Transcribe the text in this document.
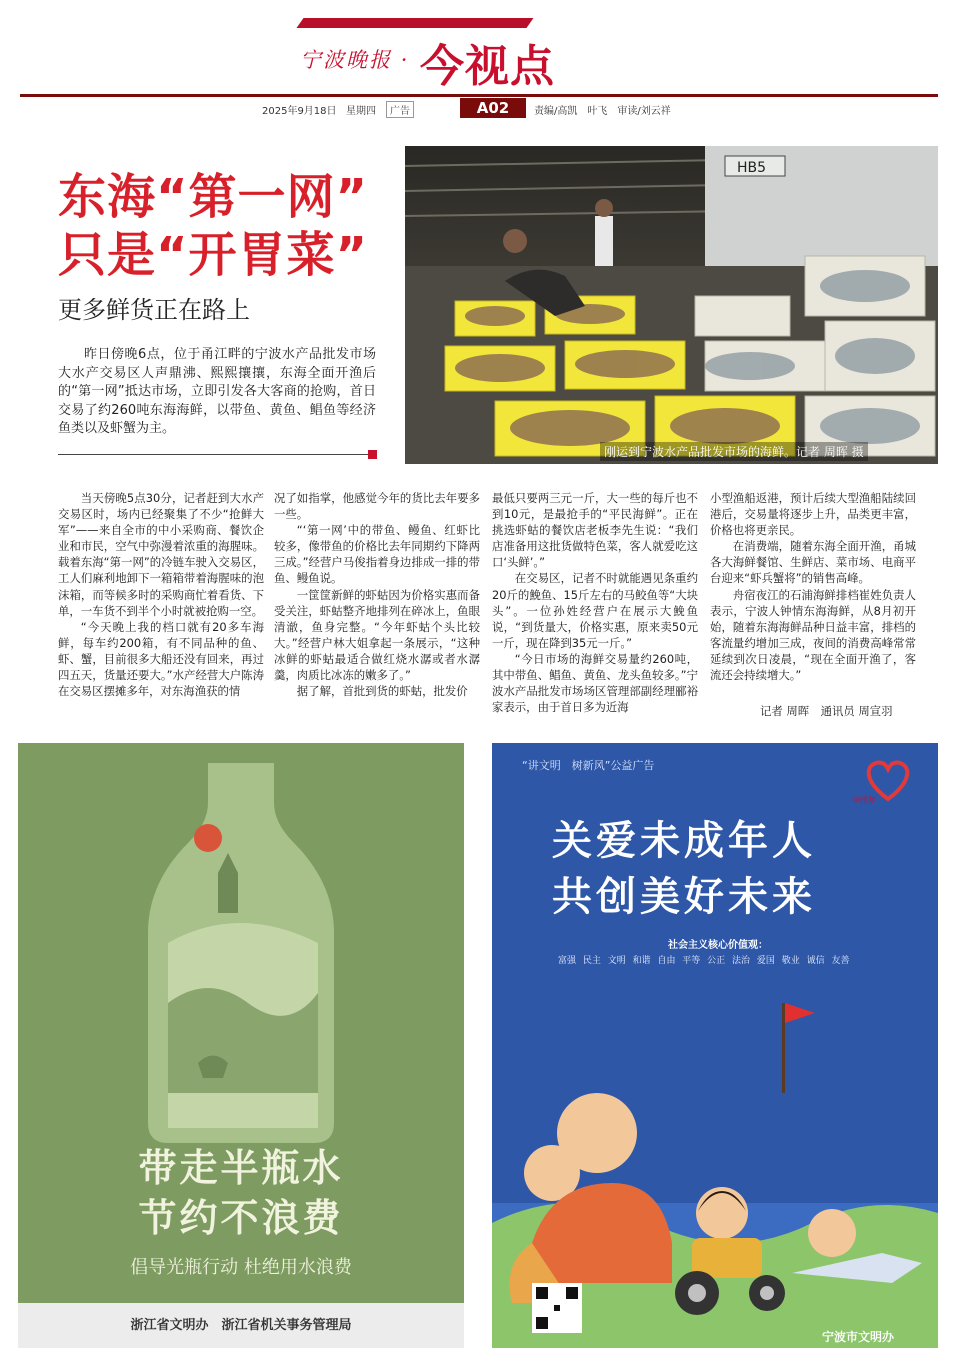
宁波晚报 · 今视点
2025年9月18日 星期四	广告	A02	责编/高凯　叶飞　审读/刘云祥
东海“第一网”
只是“开胃菜”
更多鲜货正在路上
昨日傍晚6点，位于甬江畔的宁波水产品批发市场大水产交易区人声鼎沸、熙熙攘攘，东海全面开渔后的“第一网”抵达市场，立即引发各大客商的抢购，首日交易了约260吨东海海鲜，以带鱼、黄鱼、鲳鱼等经济鱼类以及虾蟹为主。
HB5
刚运到宁波水产品批发市场的海鲜。记者 周晖 摄

当天傍晚5点30分，记者赶到大水产交易区时，场内已经聚集了不少“抢鲜大军”——来自全市的中小采购商、餐饮企业和市民，空气中弥漫着浓重的海腥味。载着东海“第一网”的冷链车驶入交易区，工人们麻利地卸下一箱箱带着海腥味的泡沫箱，而等候多时的采购商忙着看货、下单，一车货不到半个小时就被抢购一空。

“今天晚上我的档口就有20多车海鲜，每车约200箱，有不同品种的鱼、虾、蟹，目前很多大船还没有回来，再过四五天，货量还要大。”水产经营大户陈涛在交易区摆摊多年，对东海渔获的情

况了如指掌，他感觉今年的货比去年要多一些。

“‘第一网’中的带鱼、鳗鱼、红虾比较多，像带鱼的价格比去年同期约下降两三成。”经营户马俊指着身边排成一排的带鱼、鳗鱼说。

一筐筐新鲜的虾蛄因为价格实惠而备受关注，虾蛄整齐地排列在碎冰上，鱼眼清澈，鱼身完整。“今年虾蛄个头比较大。”经营户林大姐拿起一条展示，“这种冰鲜的虾蛄最适合做红烧水潺或者水潺羹，肉质比冰冻的嫩多了。”

据了解，首批到货的虾蛄，批发价

最低只要两三元一斤，大一些的每斤也不到10元，是最抢手的“平民海鲜”。正在挑选虾蛄的餐饮店老板李先生说：“我们店准备用这批货做特色菜，客人就爱吃这口‘头鲜’。”

在交易区，记者不时就能遇见条重约20斤的鮸鱼、15斤左右的马鲛鱼等“大块头”。一位孙姓经营户在展示大鮸鱼说，“到货量大，价格实惠，原来卖50元一斤，现在降到35元一斤。”

“今日市场的海鲜交易量约260吨，其中带鱼、鲳鱼、黄鱼、龙头鱼较多。”宁波水产品批发市场场区管理部副经理郦裕家表示，由于首日多为近海

小型渔船返港，预计后续大型渔船陆续回港后，交易量将逐步上升，品类更丰富，价格也将更亲民。

在消费端，随着东海全面开渔，甬城各大海鲜餐馆、生鲜店、菜市场、电商平台迎来“虾兵蟹将”的销售高峰。

舟宿夜江的石浦海鲜排档崔姓负责人表示，宁波人钟情东海海鲜，从8月初开始，随着东海海鲜品种日益丰富，排档的客流量约增加三成，夜间的消费高峰常常延续到次日凌晨，“现在全面开渔了，客流还会持续增大。”

记者 周晖　通讯员 周宣羽
带走半瓶水
节约不浪费
倡导光瓶行动 杜绝用水浪费
浙江省文明办　浙江省机关事务管理局
“讲文明　树新风”公益广告
中国梦
关爱未成年人
共创美好未来
社会主义核心价值观：
富强 民主 文明 和谐 自由 平等 公正 法治 爱国 敬业 诚信 友善
宁波市文明办
